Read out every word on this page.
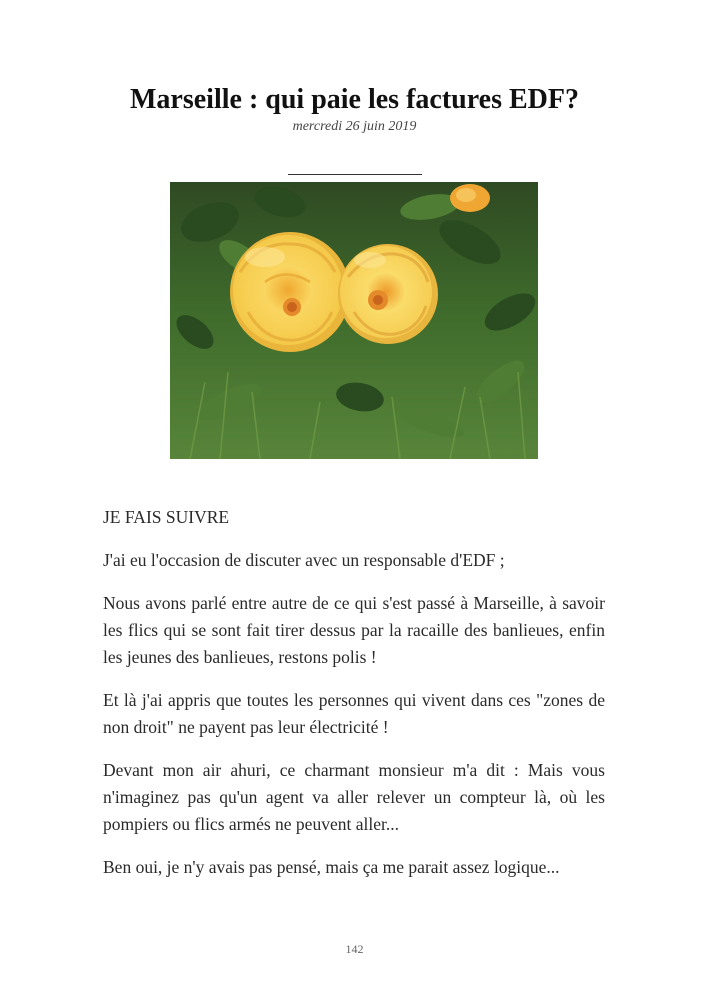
Marseille : qui paie les factures EDF?
mercredi 26 juin 2019

JE FAIS SUIVRE

J'ai eu l'occasion de discuter avec un responsable d'EDF ;

Nous avons parlé entre autre de ce qui s'est passé à Marseille, à savoir les flics qui se sont fait tirer dessus par la racaille des banlieues, enfin les jeunes des banlieues, restons polis !

Et là j'ai appris que toutes les personnes qui vivent dans ces "zones de non droit" ne payent pas leur électricité !

Devant mon air ahuri, ce charmant monsieur m'a dit : Mais vous n'imaginez pas qu'un agent va aller relever un compteur là, où les pompiers ou flics armés ne peuvent aller...

Ben oui, je n'y avais pas pensé, mais ça me parait assez logique...

142
